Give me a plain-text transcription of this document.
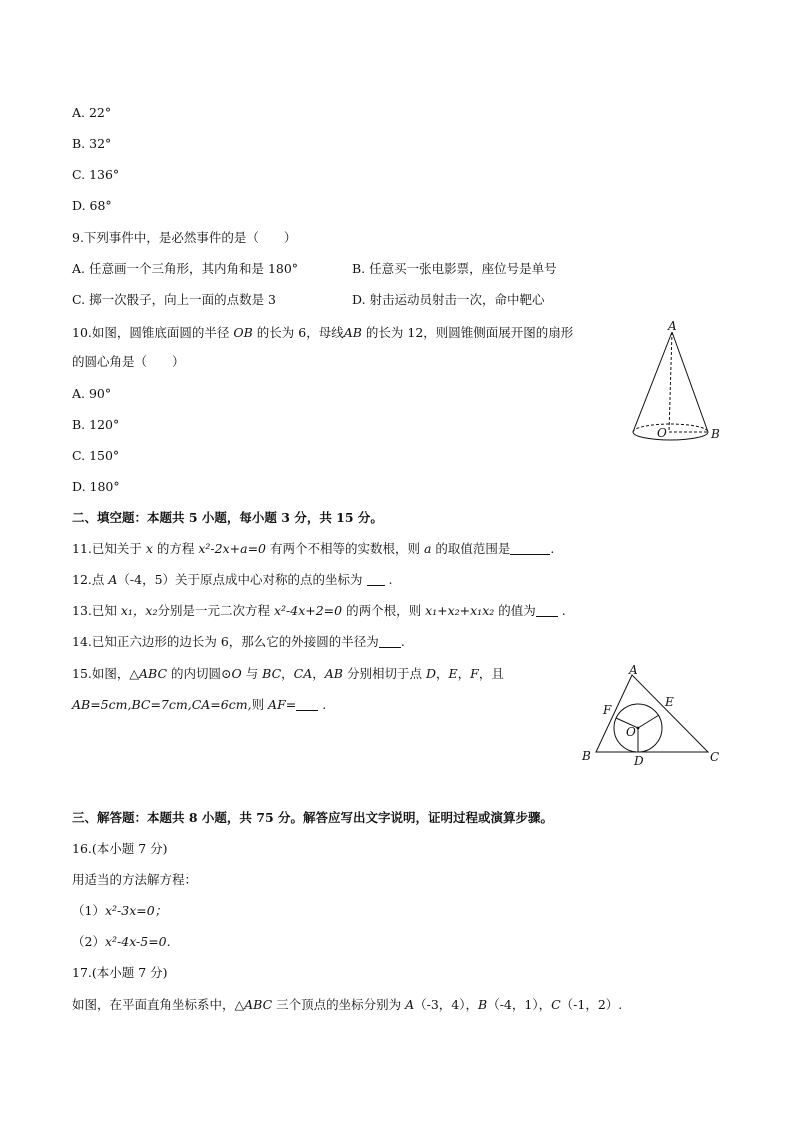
A. 22°
B. 32°
C. 136°
D. 68°
9.下列事件中，是必然事件的是（　　）
A. 任意画一个三角形，其内角和是 180°	B. 任意买一张电影票，座位号是单号
C. 掷一次骰子，向上一面的点数是 3	D. 射击运动员射击一次，命中靶心
10.如图，圆锥底面圆的半径 OB 的长为 6，母线AB 的长为 12，则圆锥侧面展开图的扇形
的圆心角是（　　）
A. 90°
B. 120°
C. 150°
D. 180°
A
O	B
二、填空题：本题共 5 小题，每小题 3 分，共 15 分。
11.已知关于 x 的方程 x²-2x+a=0 有两个不相等的实数根，则 a 的取值范围是	.
12.点 A（-4，5）关于原点成中心对称的点的坐标为  .
13.已知 x₁，x₂分别是一元二次方程 x²-4x+2=0 的两个根，则 x₁+x₂+x₁x₂ 的值为 .
14.已知正六边形的边长为 6，那么它的外接圆的半径为 .
15.如图，△ABC 的内切圆⊙O 与 BC，CA，AB 分别相切于点 D，E，F，且
AB=5cm,BC=7cm,CA=6cm,则 AF= .
A
B	C
D
E
F
O
三、解答题：本题共 8 小题，共 75 分。解答应写出文字说明，证明过程或演算步骤。
16.(本小题 7 分)
用适当的方法解方程：
（1）x²-3x=0；
（2）x²-4x-5=0.
17.(本小题 7 分)
如图，在平面直角坐标系中，△ABC 三个顶点的坐标分别为 A（-3，4），B（-4，1），C（-1，2）.
